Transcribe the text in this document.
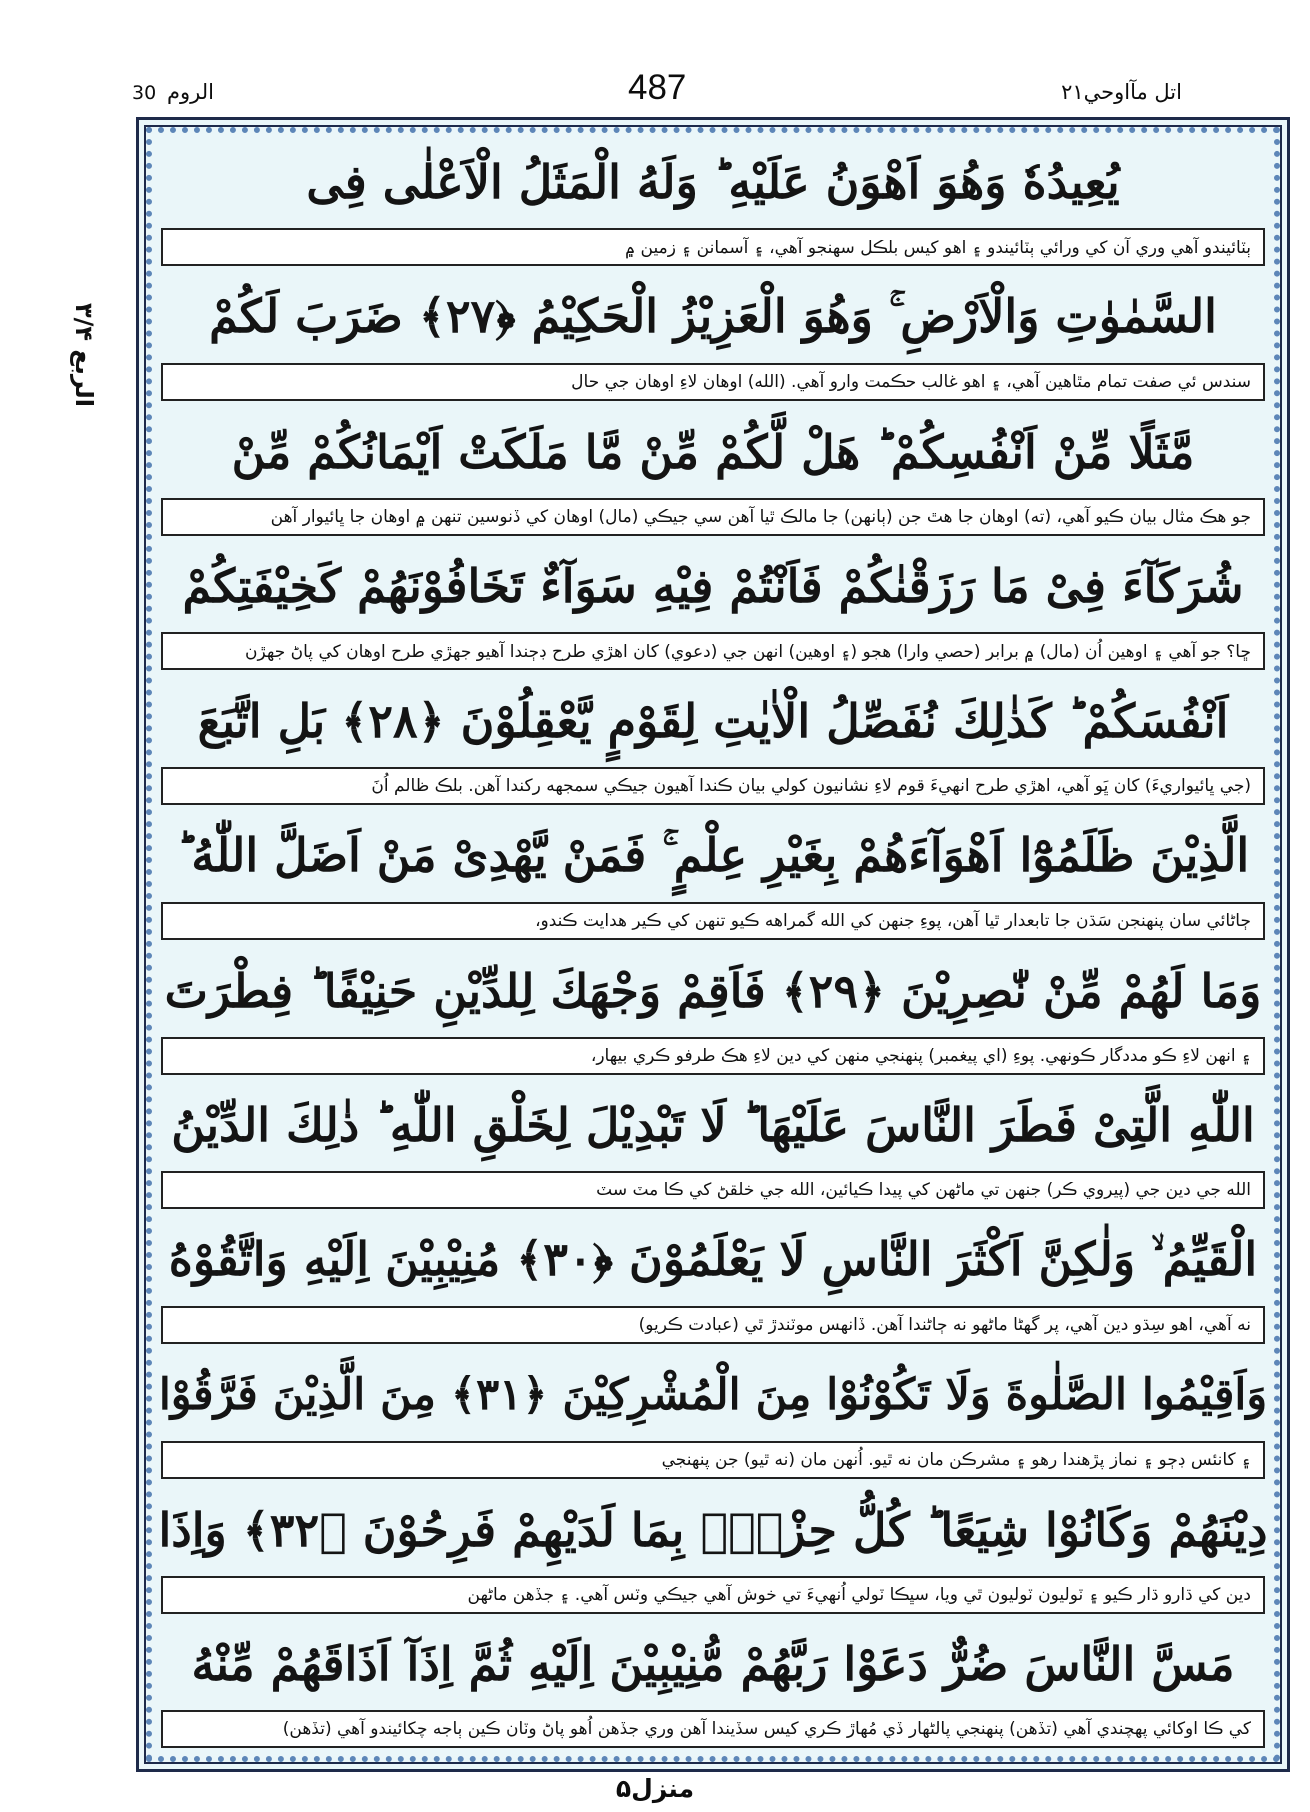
30 الروم	487	اتل مآاوحي۲۱
الربع ۳/۴
يُعِيدُهٗ وَهُوَ اَهْوَنُ عَلَيْهِ ؕ وَلَهُ الْمَثَلُ الْاَعْلٰى فِى
ٻٽائيندو آهي وري آن کي ورائي ٻٽائيندو ۽ اهو کيس بلڪل سهنجو آهي، ۽ آسمانن ۽ زمين ۾
السَّمٰوٰتِ وَالْاَرْضِ ۚ وَهُوَ الْعَزِيْزُ الْحَكِيْمُ ﴿۲۷﴾ ضَرَبَ لَكُمْ
سندس ئي صفت تمام مٿاهين آهي، ۽ اهو غالب حڪمت وارو آهي. (الله) اوهان لاءِ اوهان جي حال
مَّثَلًا مِّنْ اَنْفُسِكُمْ ؕ هَلْ لَّكُمْ مِّنْ مَّا مَلَكَتْ اَيْمَانُكُمْ مِّنْ
جو هڪ مثال بيان ڪيو آهي، (ته) اوهان جا هٿ جن (ٻانهن) جا مالڪ ٿيا آهن سي جيڪي (مال) اوهان کي ڏنوسين تنهن ۾ اوهان جا ڀائيوار آهن
شُرَكَآءَ فِىْ مَا رَزَقْنٰكُمْ فَاَنْتُمْ فِيْهِ سَوَآءٌ تَخَافُوْنَهُمْ كَخِيْفَتِكُمْ
ڇا؟ جو آهي ۽ اوهين اُن (مال) ۾ برابر (حصي وارا) هجو (۽ اوهين) انهن جي (دعوي) کان اهڙي طرح ڊڄندا آهيو جهڙي طرح اوهان کي پاڻ جهڙن
اَنْفُسَكُمْ ؕ كَذٰلِكَ نُفَصِّلُ الْاٰيٰتِ لِقَوْمٍ يَّعْقِلُوْنَ ﴿۲۸﴾ بَلِ اتَّبَعَ
(جي ڀائيواريءَ) کان ڀَو آهي، اهڙي طرح انهيءَ قوم لاءِ نشانيون کولي بيان ڪندا آهيون جيڪي سمجهه رکندا آهن. بلڪ ظالم اُنَ
الَّذِيْنَ ظَلَمُوْٓا اَهْوَآءَهُمْ بِغَيْرِ عِلْمٍ ۚ فَمَنْ يَّهْدِىْ مَنْ اَضَلَّ اللّٰهُ ؕ
ڄاڻائي سان پنهنجن سَڌن جا تابعدار ٿيا آهن، پوءِ جنهن کي الله گمراهه ڪيو تنهن کي ڪير هدايت ڪندو،
وَمَا لَهُمْ مِّنْ نّٰصِرِيْنَ ﴿۲۹﴾ فَاَقِمْ وَجْهَكَ لِلدِّيْنِ حَنِيْفًا ؕ فِطْرَتَ
۽ انهن لاءِ ڪو مددگار ڪونهي. پوءِ (اي پيغمبر) پنهنجي منهن کي دين لاءِ هڪ طرفو ڪري بيهار،
اللّٰهِ الَّتِىْ فَطَرَ النَّاسَ عَلَيْهَا ؕ لَا تَبْدِيْلَ لِخَلْقِ اللّٰهِ ؕ ذٰلِكَ الدِّيْنُ
الله جي دين جي (پيروي ڪر) جنهن تي ماڻهن کي پيدا ڪيائين، الله جي خلقڻ کي ڪا مٽ سٽ
الْقَيِّمُ ۙ وَلٰكِنَّ اَكْثَرَ النَّاسِ لَا يَعْلَمُوْنَ ﴿۳۰﴾ مُنِيْبِيْنَ اِلَيْهِ وَاتَّقُوْهُ
نه آهي، اهو سِڌو دين آهي، پر گهڻا ماڻهو نه ڄاڻندا آهن. ڏانهس موٽندڙ ٿي (عبادت ڪريو)
وَاَقِيْمُوا الصَّلٰوةَ وَلَا تَكُوْنُوْا مِنَ الْمُشْرِكِيْنَ ﴿۳۱﴾ مِنَ الَّذِيْنَ فَرَّقُوْا
۽ کانئس ڊڄو ۽ نماز پڙهندا رهو ۽ مشرڪن مان نه ٿيو. اُنهن مان (نه ٿيو) جن پنهنجي
دِيْنَهُمْ وَكَانُوْا شِيَعًا ؕ كُلُّ حِزْبٍۭ بِمَا لَدَيْهِمْ فَرِحُوْنَ ﴿۳۲﴾ وَاِذَا
دين کي ڌارو ڌار ڪيو ۽ ٽوليون ٽوليون ٿي ويا، سڀڪا ٽولي اُنهيءَ تي خوش آهي جيڪي وٽس آهي. ۽ جڏهن ماڻهن
مَسَّ النَّاسَ ضُرٌّ دَعَوْا رَبَّهُمْ مُّنِيْبِيْنَ اِلَيْهِ ثُمَّ اِذَآ اَذَاقَهُمْ مِّنْهُ
کي ڪا اوکائي پهچندي آهي (تڏهن) پنهنجي پالڻهار ڏي مُهاڙ ڪري کيس سڏيندا آهن وري جڏهن اُهو پاڻ وٽان ڪين ٻاجه چکائيندو آهي (تڏهن)
منزل۵
